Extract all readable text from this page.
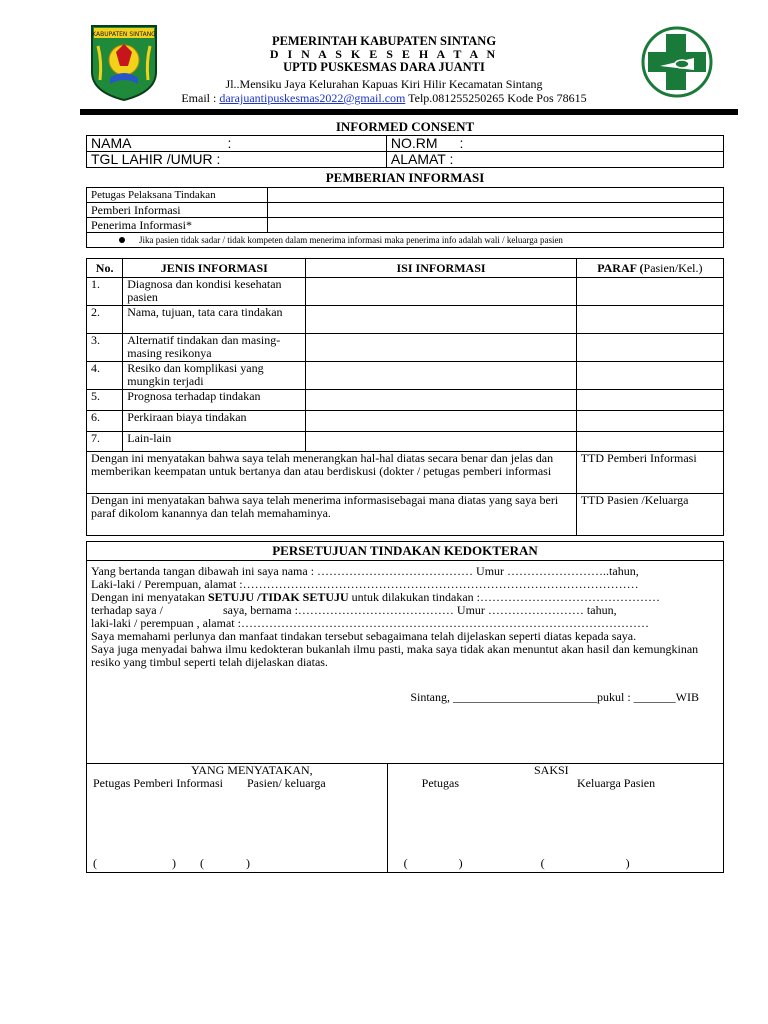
KABUPATEN SINTANG	PEMERINTAH KABUPATEN SINTANG
D I N A S K E S E H A T A N
UPTD PUSKESMAS DARA JUANTI
Jl..Mensiku Jaya Kelurahan Kapuas Kiri Hilir Kecamatan Sintang
Email : darajuantipuskesmas2022@gmail.com Telp.081255250265 Kode Pos 78615
INFORMED CONSENT
NAMA :	NO.RM :
TGL LAHIR /UMUR :	ALAMAT :
PEMBERIAN INFORMASI
Petugas Pelaksana Tindakan	
Pemberi Informasi	
Penerima Informasi*	
Jika pasien tidak sadar / tidak kompeten dalam menerima informasi maka penerima info adalah wali / keluarga pasien	
No.	JENIS INFORMASI	ISI INFORMASI	PARAF (Pasien/Kel.)
1.	Diagnosa dan kondisi kesehatan pasien		
2.	Nama, tujuan, tata cara tindakan		
3.	Alternatif tindakan dan masing-masing resikonya		
4.	Resiko dan komplikasi yang mungkin terjadi		
5.	Prognosa terhadap tindakan		
6.	Perkiraan biaya tindakan		
7.	Lain-lain		
Dengan ini menyatakan bahwa saya telah menerangkan hal-hal diatas secara benar dan jelas dan memberikan keempatan untuk bertanya dan atau berdiskusi (dokter / petugas pemberi informasi			TTD Pemberi Informasi
Dengan ini menyatakan bahwa saya telah menerima informasisebagai mana diatas yang saya beri paraf dikolom kanannya dan telah memahaminya.			TTD Pasien /Keluarga
PERSETUJUAN TINDAKAN KEDOKTERAN

Yang bertanda tangan dibawah ini saya nama : ………………………………… Umur ……………………..tahun,
Laki-laki / Perempuan, alamat :………………………………………………………………………………………
Dengan ini menyatakan SETUJU /TIDAK SETUJU untuk dilakukan tindakan :………………………………………
terhadap saya /                    saya, bernama :………………………………… Umur …………………… tahun,
laki-laki / perempuan , alamat :…………………………………………………………………………………………
Saya memahami perlunya dan manfaat tindakan tersebut sebagaimana telah dijelaskan seperti diatas kepada saya.
Saya juga menyadai bahwa ilmu kedokteran bukanlah ilmu pasti, maka saya tidak akan menuntut akan hasil dan kemungkinan resiko yang timbul seperti telah dijelaskan diatas.
Sintang, ________________________pukul : _______WIB

YANG MENYATAKAN,
Petugas Pemberi Informasi Pasien/ keluarga
(                         ) (              )

SAKSI
Petugas	Keluarga Pasien
(                 )	(                           )
